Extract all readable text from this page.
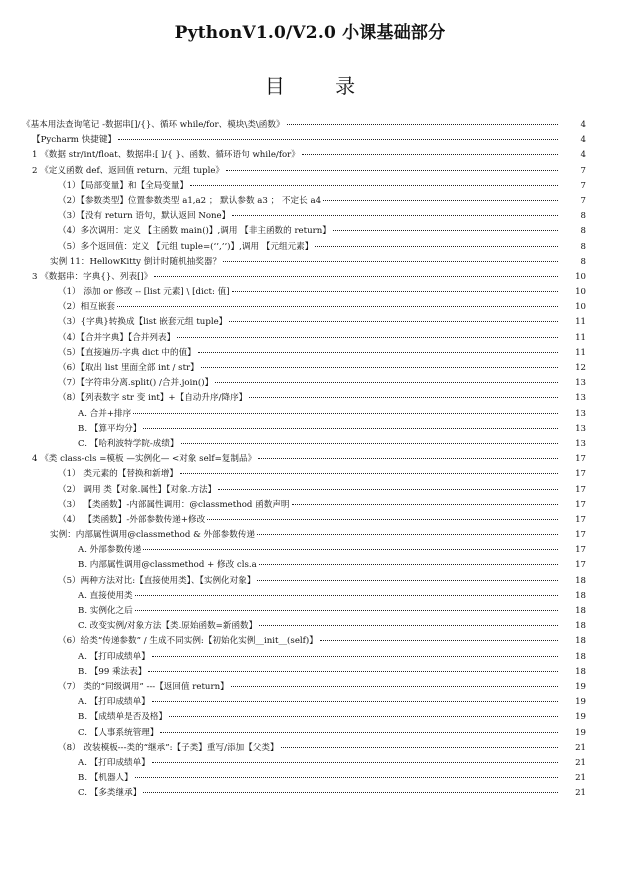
PythonV1.0/V2.0 小课基础部分
目 录
《基本用法查询笔记 -数据串[]/{}、循环 while/for、模块\类\函数》	4
【Pycharm 快捷键】	4
1 《数据 str/int/float、数据串:[ ]/{ }、函数、循环语句 while/for》	4
2 《定义函数 def、返回值 return、元组 tuple》	7
（1）【局部变量】和【全局变量】	7
（2）【参数类型】位置参数类型 a1,a2 ； 默认参数 a3 ； 不定长 a4	7
（3）【没有 return 语句，默认返回 None】	8
（4）多次调用：定义 【主函数 main()】,调用 【非主函数的 return】	8
（5）多个返回值：定义 【元组 tuple=(‘’,’’)】,调用 【元组元素】	8
实例 11：HellowKitty 倒计时随机抽奖器？	8
3 《数据串：字典{}、列表[]》	10
（1） 添加 or 修改 -- [list 元素] \ [dict: 值]	10
（2）相互嵌套	10
（3）{字典}转换成【list 嵌套元组 tuple】	11
（4）【合并字典】【合并列表】	11
（5）【直接遍历-字典 dict 中的值】	11
（6）【取出 list 里面全部 int / str】	12
（7）【字符串分离.split() /合并.join()】	13
（8）【列表数字 str 变 int】+【自动升序/降序】	13
A. 合并+排序	13
B. 【算平均分】	13
C. 【哈利波特学院-成绩】	13
4 《类 class-cls =模板 —实例化— <对象 self=复制品》	17
（1） 类元素的【替换和新增】	17
（2） 调用 类【对象.属性】【对象.方法】	17
（3） 【类函数】-内部属性调用：@classmethod 函数声明	17
（4） 【类函数】-外部参数传递+修改	17
实例：内部属性调用@classmethod & 外部参数传递	17
A. 外部参数传递	17
B. 内部属性调用@classmethod + 修改 cls.a	17
（5）两种方法对比:【直接使用类】、【实例化对象】	18
A. 直接使用类	18
B. 实例化之后	18
C. 改变实例/对象方法【类.原始函数=新函数】	18
（6）给类“传递参数” / 生成不同实例:【初始化实例__init__(self)】	18
A. 【打印成绩单】	18
B. 【99 乘法表】	18
（7） 类的“同级调用” ---【返回值 return】	19
A. 【打印成绩单】	19
B. 【成绩单是否及格】	19
C. 【人事系统管理】	19
（8） 改装模板---类的“继承”:【子类】重写/添加【父类】	21
A. 【打印成绩单】	21
B. 【机器人】	21
C. 【多类继承】	21
